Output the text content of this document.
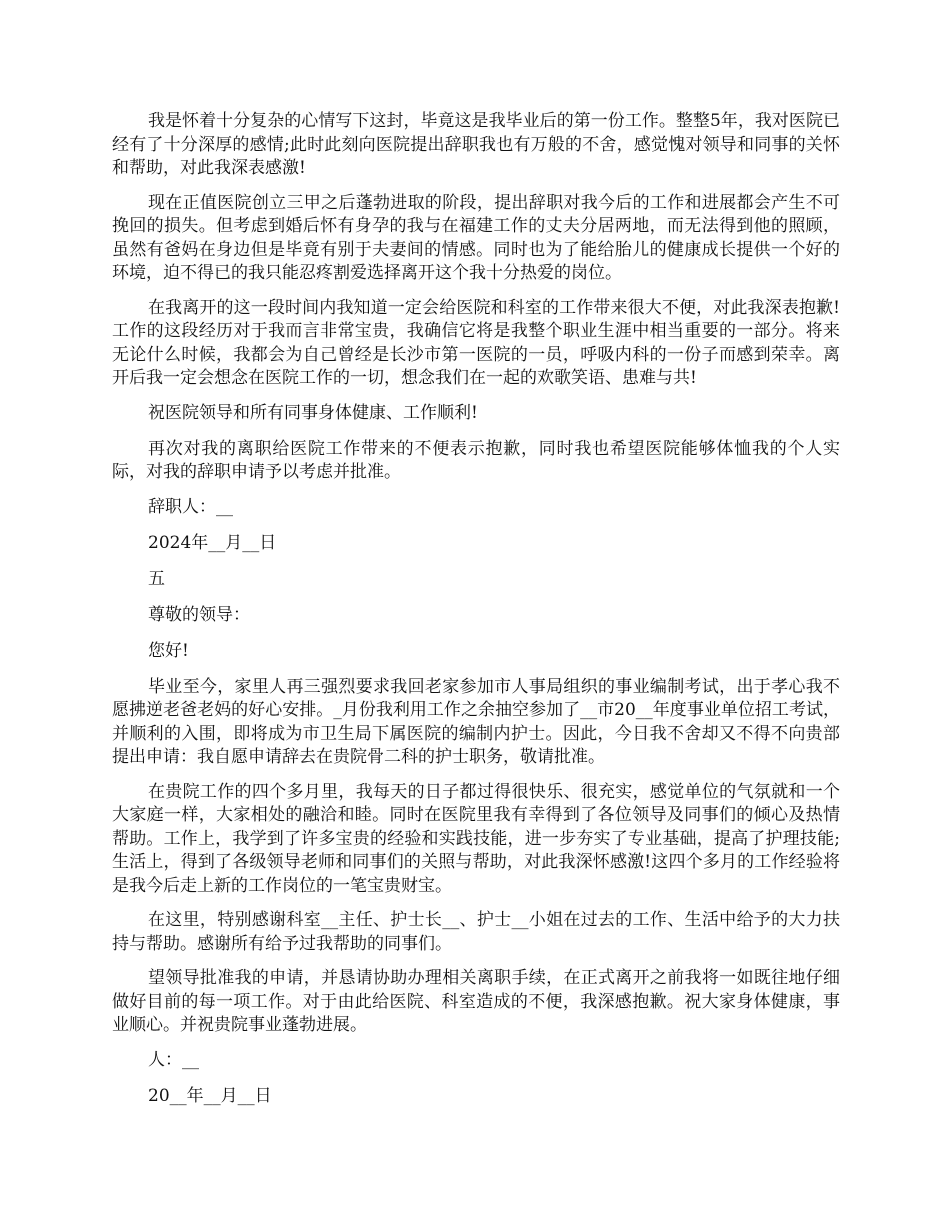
我是怀着十分复杂的心情写下这封，毕竟这是我毕业后的第一份工作。整整5年，我对医院已经有了十分深厚的感情;此时此刻向医院提出辞职我也有万般的不舍，感觉愧对领导和同事的关怀和帮助，对此我深表感激!

现在正值医院创立三甲之后蓬勃进取的阶段，提出辞职对我今后的工作和进展都会产生不可挽回的损失。但考虑到婚后怀有身孕的我与在福建工作的丈夫分居两地，而无法得到他的照顾，虽然有爸妈在身边但是毕竟有别于夫妻间的情感。同时也为了能给胎儿的健康成长提供一个好的环境，迫不得已的我只能忍疼割爱选择离开这个我十分热爱的岗位。

在我离开的这一段时间内我知道一定会给医院和科室的工作带来很大不便，对此我深表抱歉!工作的这段经历对于我而言非常宝贵，我确信它将是我整个职业生涯中相当重要的一部分。将来无论什么时候，我都会为自己曾经是长沙市第一医院的一员，呼吸内科的一份子而感到荣幸。离开后我一定会想念在医院工作的一切，想念我们在一起的欢歌笑语、患难与共!

祝医院领导和所有同事身体健康、工作顺利!

再次对我的离职给医院工作带来的不便表示抱歉，同时我也希望医院能够体恤我的个人实际，对我的辞职申请予以考虑并批准。

辞职人：__

2024年__月__日

五

尊敬的领导：

您好!

毕业至今，家里人再三强烈要求我回老家参加市人事局组织的事业编制考试，出于孝心我不愿拂逆老爸老妈的好心安排。_月份我利用工作之余抽空参加了__市20__年度事业单位招工考试，并顺利的入围，即将成为市卫生局下属医院的编制内护士。因此，今日我不舍却又不得不向贵部提出申请：我自愿申请辞去在贵院骨二科的护士职务，敬请批准。

在贵院工作的四个多月里，我每天的日子都过得很快乐、很充实，感觉单位的气氛就和一个大家庭一样，大家相处的融洽和睦。同时在医院里我有幸得到了各位领导及同事们的倾心及热情帮助。工作上，我学到了许多宝贵的经验和实践技能，进一步夯实了专业基础，提高了护理技能;生活上，得到了各级领导老师和同事们的关照与帮助，对此我深怀感激!这四个多月的工作经验将是我今后走上新的工作岗位的一笔宝贵财宝。

在这里，特别感谢科室__主任、护士长__、护士__小姐在过去的工作、生活中给予的大力扶持与帮助。感谢所有给予过我帮助的同事们。

望领导批准我的申请，并恳请协助办理相关离职手续，在正式离开之前我将一如既往地仔细做好目前的每一项工作。对于由此给医院、科室造成的不便，我深感抱歉。祝大家身体健康，事业顺心。并祝贵院事业蓬勃进展。

人：__

20__年__月__日
